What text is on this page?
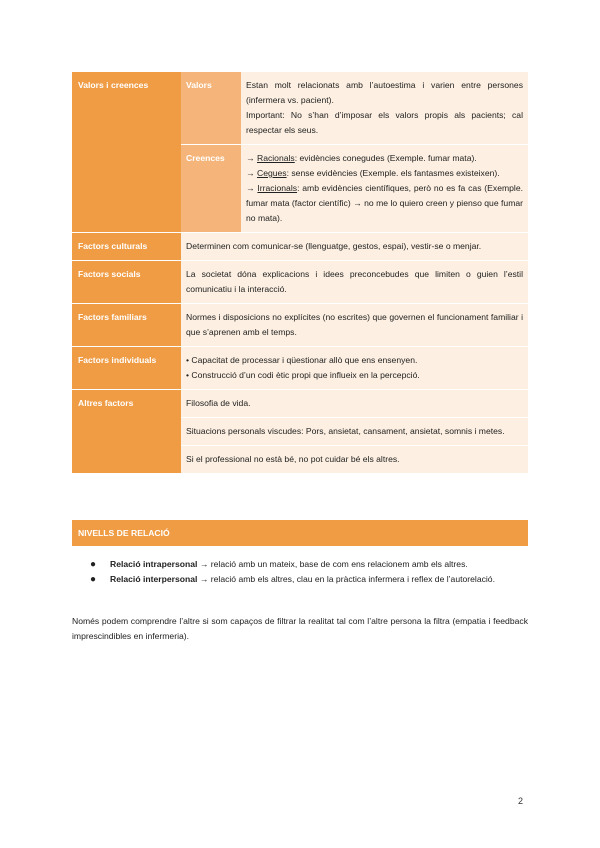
Valors i creences	Valors	Estan molt relacionats amb l’autoestima i varien entre persones (infermera vs. pacient).
Important: No s’han d’imposar els valors propis als pacients; cal respectar els seus.

	Creences	→ Racionals: evidències conegudes (Exemple. fumar mata).
→ Cegues: sense evidències (Exemple. els fantasmes existeixen).
→ Irracionals: amb evidències científiques, però no es fa cas (Exemple. fumar mata (factor científic) → no me lo quiero creen y pienso que fumar no mata).

Factors culturals	Determinen com comunicar-se (llenguatge, gestos, espai), vestir-se o menjar.	
Factors socials	La societat dóna explicacions i idees preconcebudes que limiten o guien l’estil comunicatiu i la interacció.	
Factors familiars	Normes i disposicions no explícites (no escrites) que governen el funcionament familiar i que s’aprenen amb el temps.	
Factors individuals	• Capacitat de processar i qüestionar allò que ens ensenyen.
• Construcció d’un codi ètic propi que influeix en la percepció.	

Altres factors	Filosofia de vida.	
	Situacions personals viscudes: Pors, ansietat, cansament, ansietat, somnis i metes.	
	Si el professional no està bé, no pot cuidar bé els altres.	
NIVELLS DE RELACIÓ
● Relació intrapersonal → relació amb un mateix, base de com ens relacionem amb els altres.
● Relació interpersonal → relació amb els altres, clau en la pràctica infermera i reflex de l’autorelació.

Només podem comprendre l’altre si som capaços de filtrar la realitat tal com l’altre persona la filtra (empatia i feedback imprescindibles en infermeria).

2
